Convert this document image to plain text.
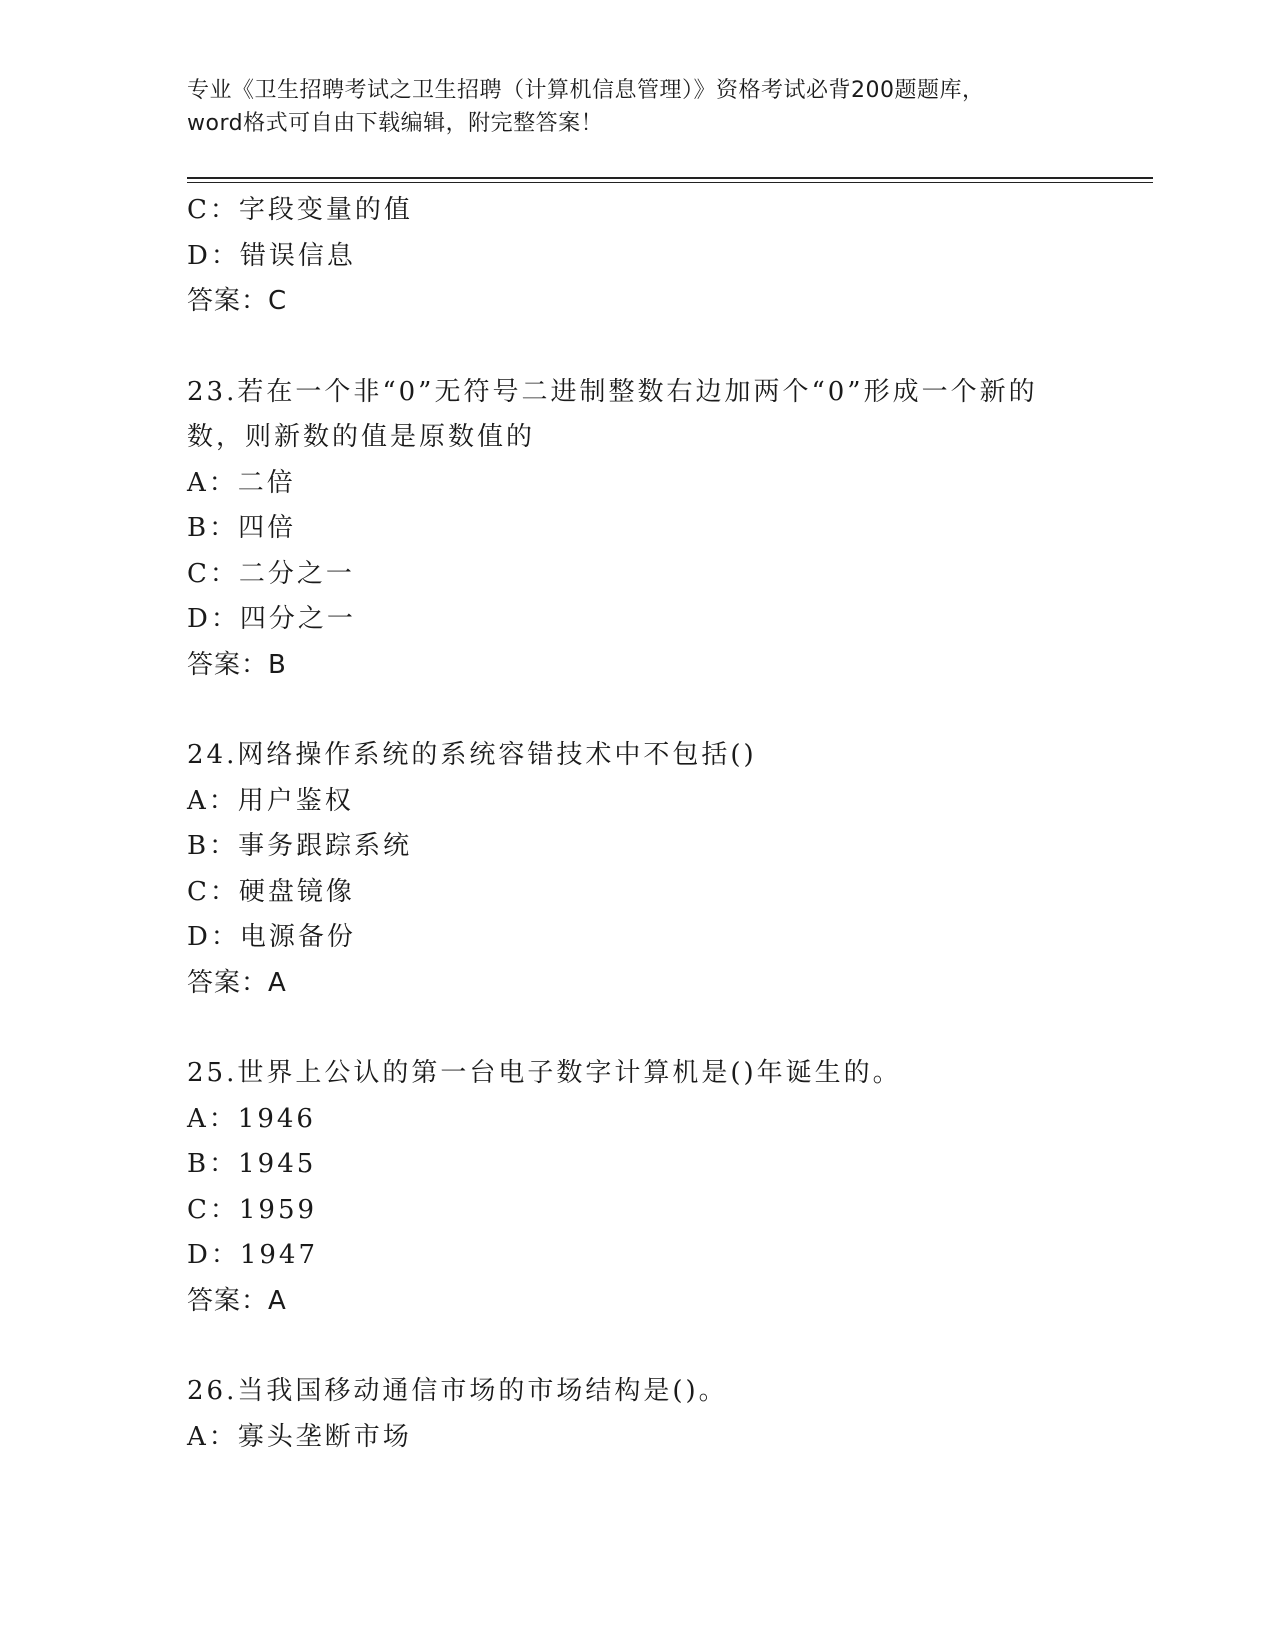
专业《卫生招聘考试之卫生招聘（计算机信息管理）》资格考试必背200题题库，
word格式可自由下载编辑，附完整答案！
C：字段变量的值
D：错误信息
答案：C
23.若在一个非“0”无符号二进制整数右边加两个“0”形成一个新的
数，则新数的值是原数值的
A：二倍
B：四倍
C：二分之一
D：四分之一
答案：B
24.网络操作系统的系统容错技术中不包括()
A：用户鉴权
B：事务跟踪系统
C：硬盘镜像
D：电源备份
答案：A
25.世界上公认的第一台电子数字计算机是()年诞生的。
A：1946
B：1945
C：1959
D：1947
答案：A
26.当我国移动通信市场的市场结构是()。
A：寡头垄断市场
